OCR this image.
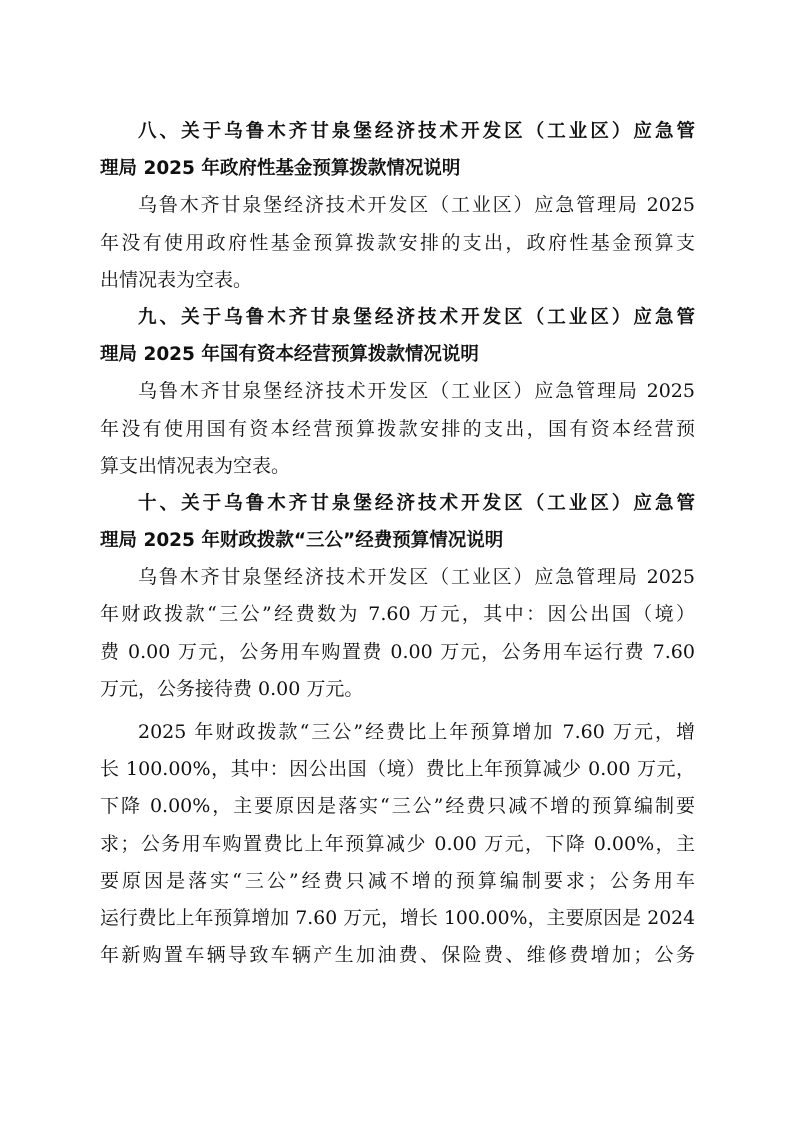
八、关于乌鲁木齐甘泉堡经济技术开发区（工业区）应急管
理局 2025 年政府性基金预算拨款情况说明
乌鲁木齐甘泉堡经济技术开发区（工业区）应急管理局 2025
年没有使用政府性基金预算拨款安排的支出，政府性基金预算支
出情况表为空表。
九、关于乌鲁木齐甘泉堡经济技术开发区（工业区）应急管
理局 2025 年国有资本经营预算拨款情况说明
乌鲁木齐甘泉堡经济技术开发区（工业区）应急管理局 2025
年没有使用国有资本经营预算拨款安排的支出，国有资本经营预
算支出情况表为空表。
十、关于乌鲁木齐甘泉堡经济技术开发区（工业区）应急管
理局 2025 年财政拨款“三公”经费预算情况说明
乌鲁木齐甘泉堡经济技术开发区（工业区）应急管理局 2025
年财政拨款“三公”经费数为 7.60 万元，其中：因公出国（境）
费 0.00 万元，公务用车购置费 0.00 万元，公务用车运行费 7.60
万元，公务接待费 0.00 万元。
2025 年财政拨款“三公”经费比上年预算增加 7.60 万元，增
长 100.00%，其中：因公出国（境）费比上年预算减少 0.00 万元，
下降 0.00%，主要原因是落实“三公”经费只减不增的预算编制要
求；公务用车购置费比上年预算减少 0.00 万元，下降 0.00%，主
要原因是落实“三公”经费只减不增的预算编制要求；公务用车
运行费比上年预算增加 7.60 万元，增长 100.00%，主要原因是 2024
年新购置车辆导致车辆产生加油费、保险费、维修费增加；公务
